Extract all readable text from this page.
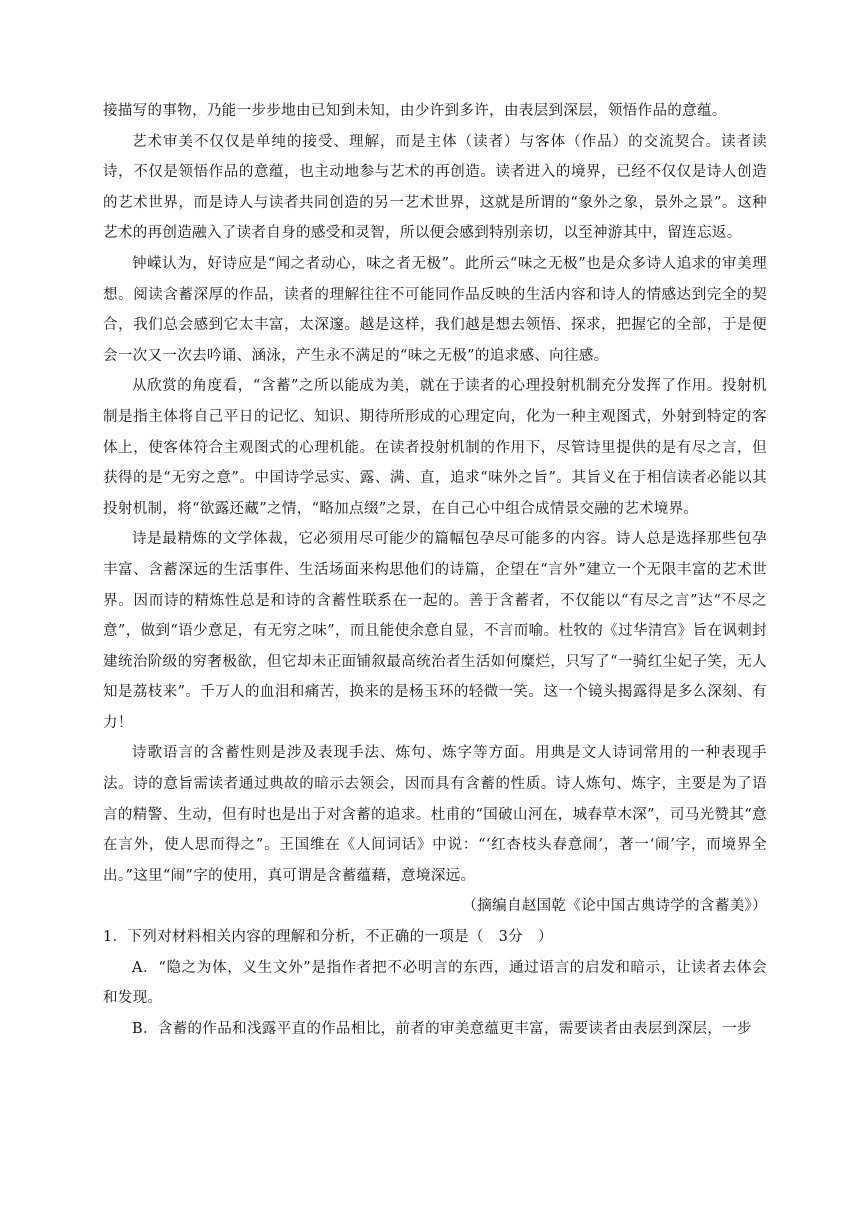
接描写的事物，乃能一步步地由已知到未知，由少许到多许，由表层到深层，领悟作品的意蕴。

艺术审美不仅仅是单纯的接受、理解，而是主体（读者）与客体（作品）的交流契合。读者读诗，不仅是领悟作品的意蕴，也主动地参与艺术的再创造。读者进入的境界，已经不仅仅是诗人创造的艺术世界，而是诗人与读者共同创造的另一艺术世界，这就是所谓的“象外之象，景外之景”。这种艺术的再创造融入了读者自身的感受和灵智，所以便会感到特别亲切，以至神游其中，留连忘返。

钟嵘认为，好诗应是“闻之者动心，味之者无极”。此所云“味之无极”也是众多诗人追求的审美理想。阅读含蓄深厚的作品，读者的理解往往不可能同作品反映的生活内容和诗人的情感达到完全的契合，我们总会感到它太丰富，太深邃。越是这样，我们越是想去领悟、探求，把握它的全部，于是便会一次又一次去吟诵、涵泳，产生永不满足的“味之无极”的追求感、向往感。

从欣赏的角度看，“含蓄”之所以能成为美，就在于读者的心理投射机制充分发挥了作用。投射机制是指主体将自己平日的记忆、知识、期待所形成的心理定向，化为一种主观图式，外射到特定的客体上，使客体符合主观图式的心理机能。在读者投射机制的作用下，尽管诗里提供的是有尽之言，但获得的是“无穷之意”。中国诗学忌实、露、满、直，追求“味外之旨”。其旨义在于相信读者必能以其投射机制，将“欲露还藏”之情，“略加点缀”之景，在自己心中组合成情景交融的艺术境界。

诗是最精炼的文学体裁，它必须用尽可能少的篇幅包孕尽可能多的内容。诗人总是选择那些包孕丰富、含蓄深远的生活事件、生活场面来构思他们的诗篇，企望在“言外”建立一个无限丰富的艺术世界。因而诗的精炼性总是和诗的含蓄性联系在一起的。善于含蓄者，不仅能以“有尽之言”达“不尽之意”，做到“语少意足，有无穷之味”，而且能使余意自显，不言而喻。杜牧的《过华清宫》旨在讽刺封建统治阶级的穷奢极欲，但它却未正面铺叙最高统治者生活如何糜烂，只写了“一骑红尘妃子笑，无人知是荔枝来”。千万人的血泪和痛苦，换来的是杨玉环的轻微一笑。这一个镜头揭露得是多么深刻、有力！

诗歌语言的含蓄性则是涉及表现手法、炼句、炼字等方面。用典是文人诗词常用的一种表现手法。诗的意旨需读者通过典故的暗示去领会，因而具有含蓄的性质。诗人炼句、炼字，主要是为了语言的精警、生动，但有时也是出于对含蓄的追求。杜甫的“国破山河在，城春草木深”，司马光赞其“意在言外，使人思而得之”。王国维在《人间词话》中说：“‘红杏枝头春意闹’，著一‘闹’字，而境界全出。”这里“闹”字的使用，真可谓是含蓄蕴藉，意境深远。

（摘编自赵国乾《论中国古典诗学的含蓄美》）

1．下列对材料相关内容的理解和分析，不正确的一项是（　3分　）

A．“隐之为体，义生文外”是指作者把不必明言的东西，通过语言的启发和暗示，让读者去体会和发现。

B．含蓄的作品和浅露平直的作品相比，前者的审美意蕴更丰富，需要读者由表层到深层，一步
